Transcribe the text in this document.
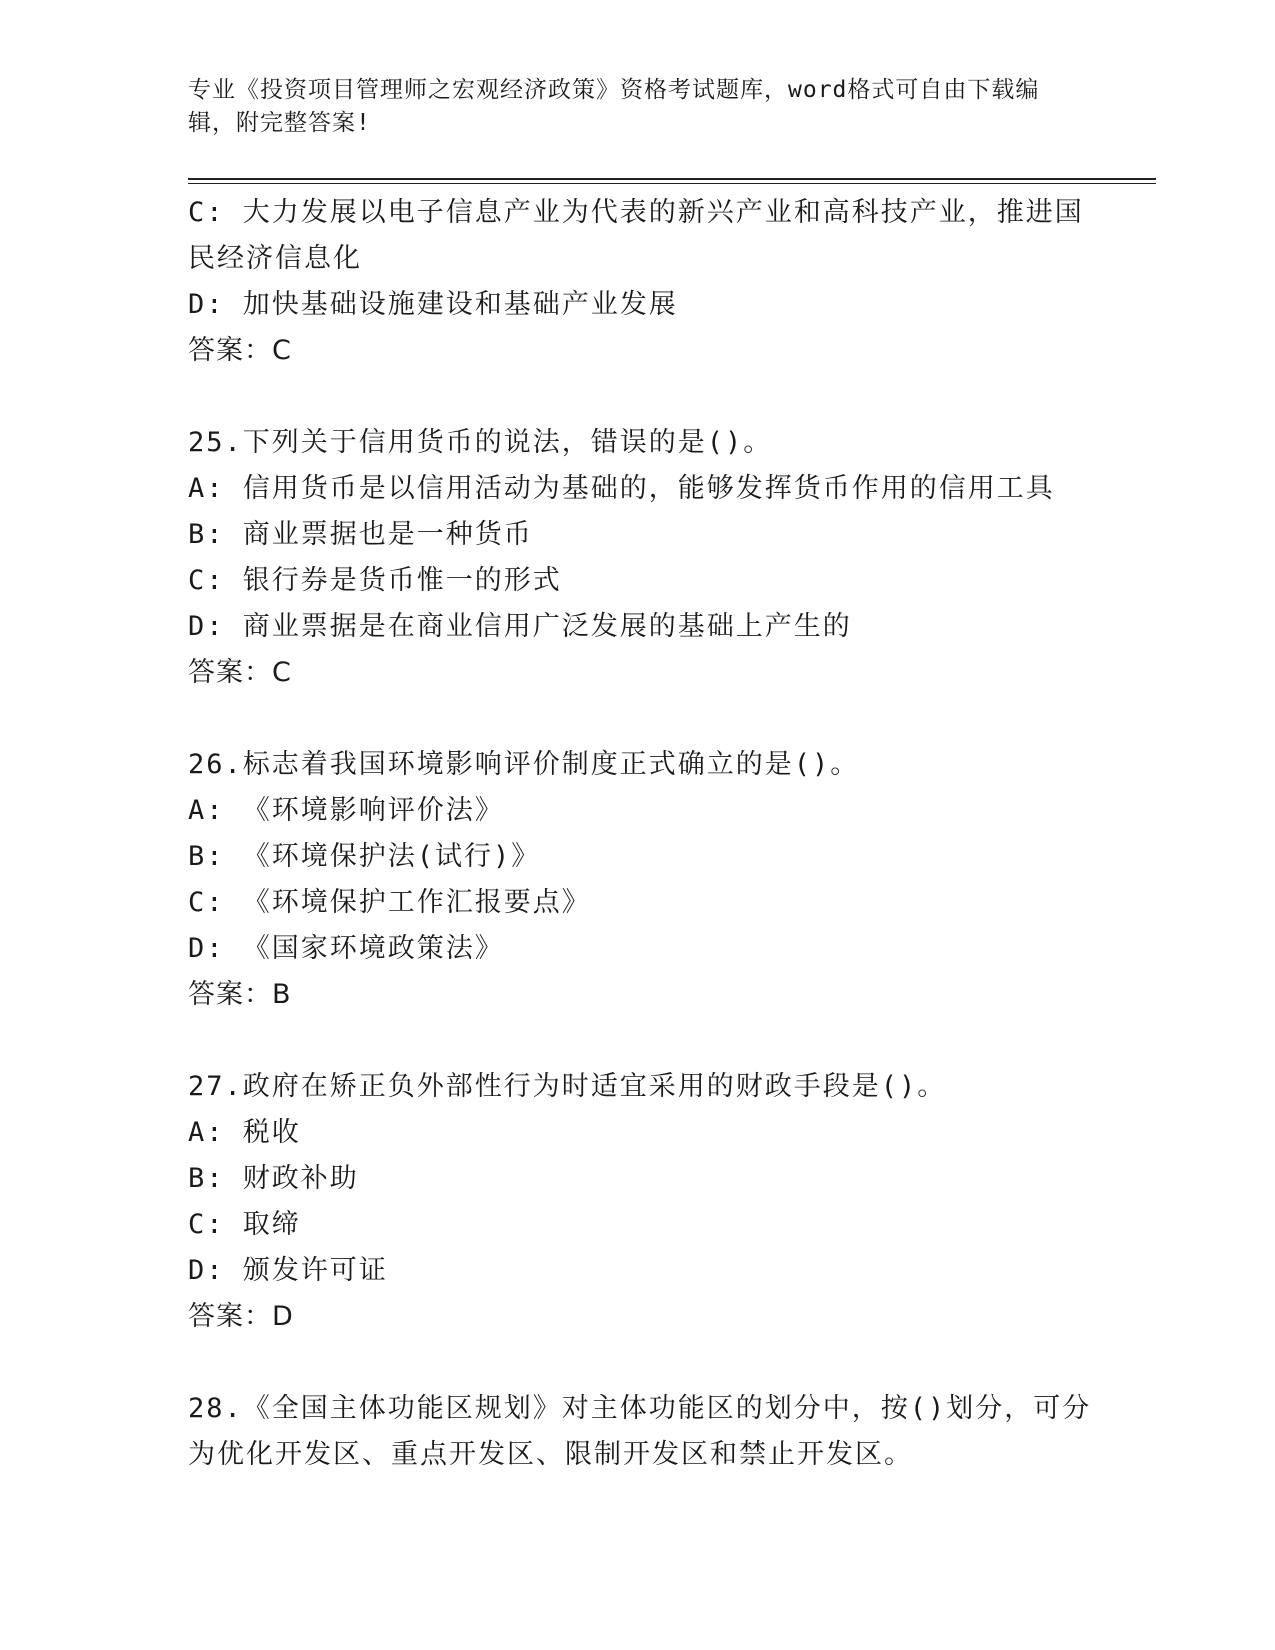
专业《投资项目管理师之宏观经济政策》资格考试题库，word格式可自由下载编
辑，附完整答案!
C: 大力发展以电子信息产业为代表的新兴产业和高科技产业，推进国
民经济信息化
D: 加快基础设施建设和基础产业发展
答案：C
25.下列关于信用货币的说法，错误的是()。
A: 信用货币是以信用活动为基础的，能够发挥货币作用的信用工具
B: 商业票据也是一种货币
C: 银行券是货币惟一的形式
D: 商业票据是在商业信用广泛发展的基础上产生的
答案：C
26.标志着我国环境影响评价制度正式确立的是()。
A: 《环境影响评价法》
B: 《环境保护法(试行)》
C: 《环境保护工作汇报要点》
D: 《国家环境政策法》
答案：B
27.政府在矫正负外部性行为时适宜采用的财政手段是()。
A: 税收
B: 财政补助
C: 取缔
D: 颁发许可证
答案：D
28.《全国主体功能区规划》对主体功能区的划分中，按()划分，可分
为优化开发区、重点开发区、限制开发区和禁止开发区。
